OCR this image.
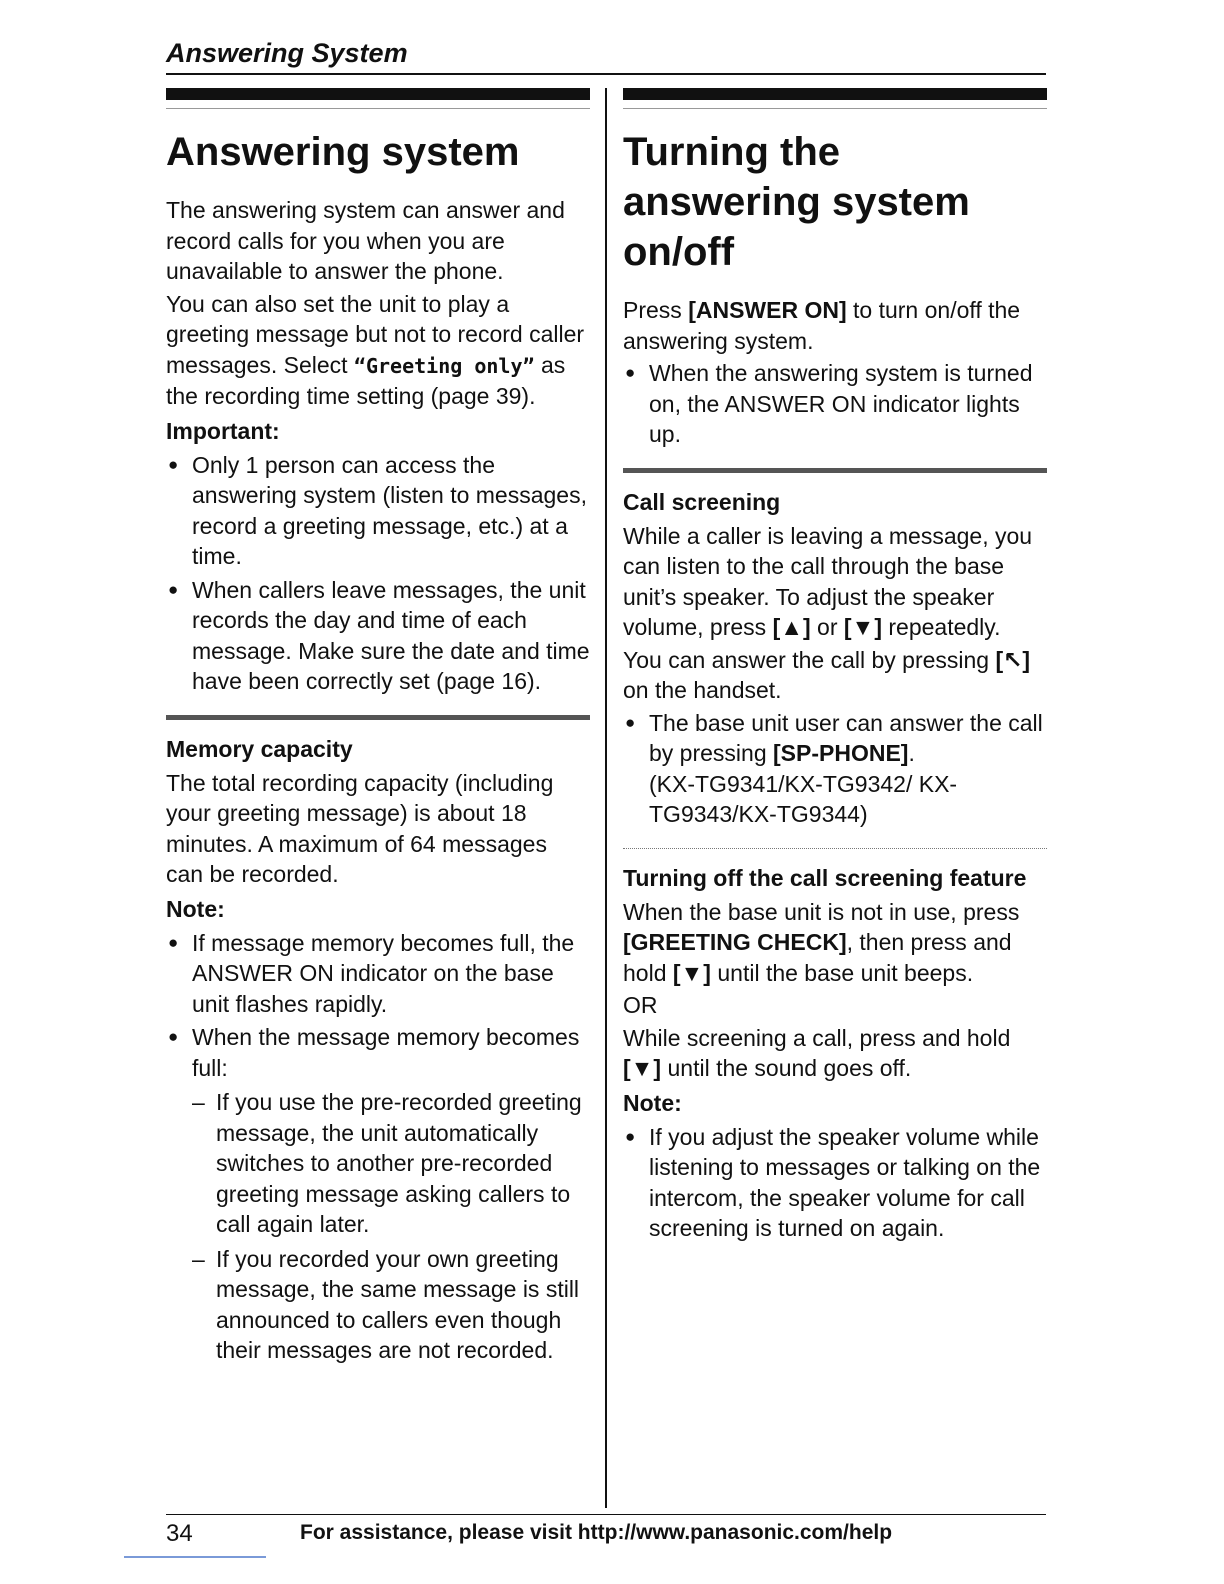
Answering System
Answering system

The answering system can answer and record calls for you when you are unavailable to answer the phone.

You can also set the unit to play a greeting message but not to record caller messages. Select “Greeting only” as the recording time setting (page 39).

Important:
● Only 1 person can access the answering system (listen to messages, record a greeting message, etc.) at a time.
● When callers leave messages, the unit records the day and time of each message. Make sure the date and time have been correctly set (page 16).
Memory capacity

The total recording capacity (including your greeting message) is about 18 minutes. A maximum of 64 messages can be recorded.

Note:
● If message memory becomes full, the ANSWER ON indicator on the base unit flashes rapidly.
● When the message memory becomes full:
– If you use the pre-recorded greeting message, the unit automatically switches to another pre-recorded greeting message asking callers to call again later.
– If you recorded your own greeting message, the same message is still announced to callers even though their messages are not recorded.
Turning the answering system on/off

Press [ANSWER ON] to turn on/off the answering system.

● When the answering system is turned on, the ANSWER ON indicator lights up.
Call screening

While a caller is leaving a message, you can listen to the call through the base unit’s speaker. To adjust the speaker volume, press [▲] or [▼] repeatedly.

You can answer the call by pressing [↖] on the handset.

● The base unit user can answer the call by pressing [SP-PHONE].
(KX-TG9341/KX-TG9342/ KX-TG9343/KX-TG9344)
Turning off the call screening feature

When the base unit is not in use, press [GREETING CHECK], then press and hold [▼] until the base unit beeps.

OR

While screening a call, press and hold [▼] until the sound goes off.

Note:
● If you adjust the speaker volume while listening to messages or talking on the intercom, the speaker volume for call screening is turned on again.
34	For assistance, please visit http://www.panasonic.com/help
